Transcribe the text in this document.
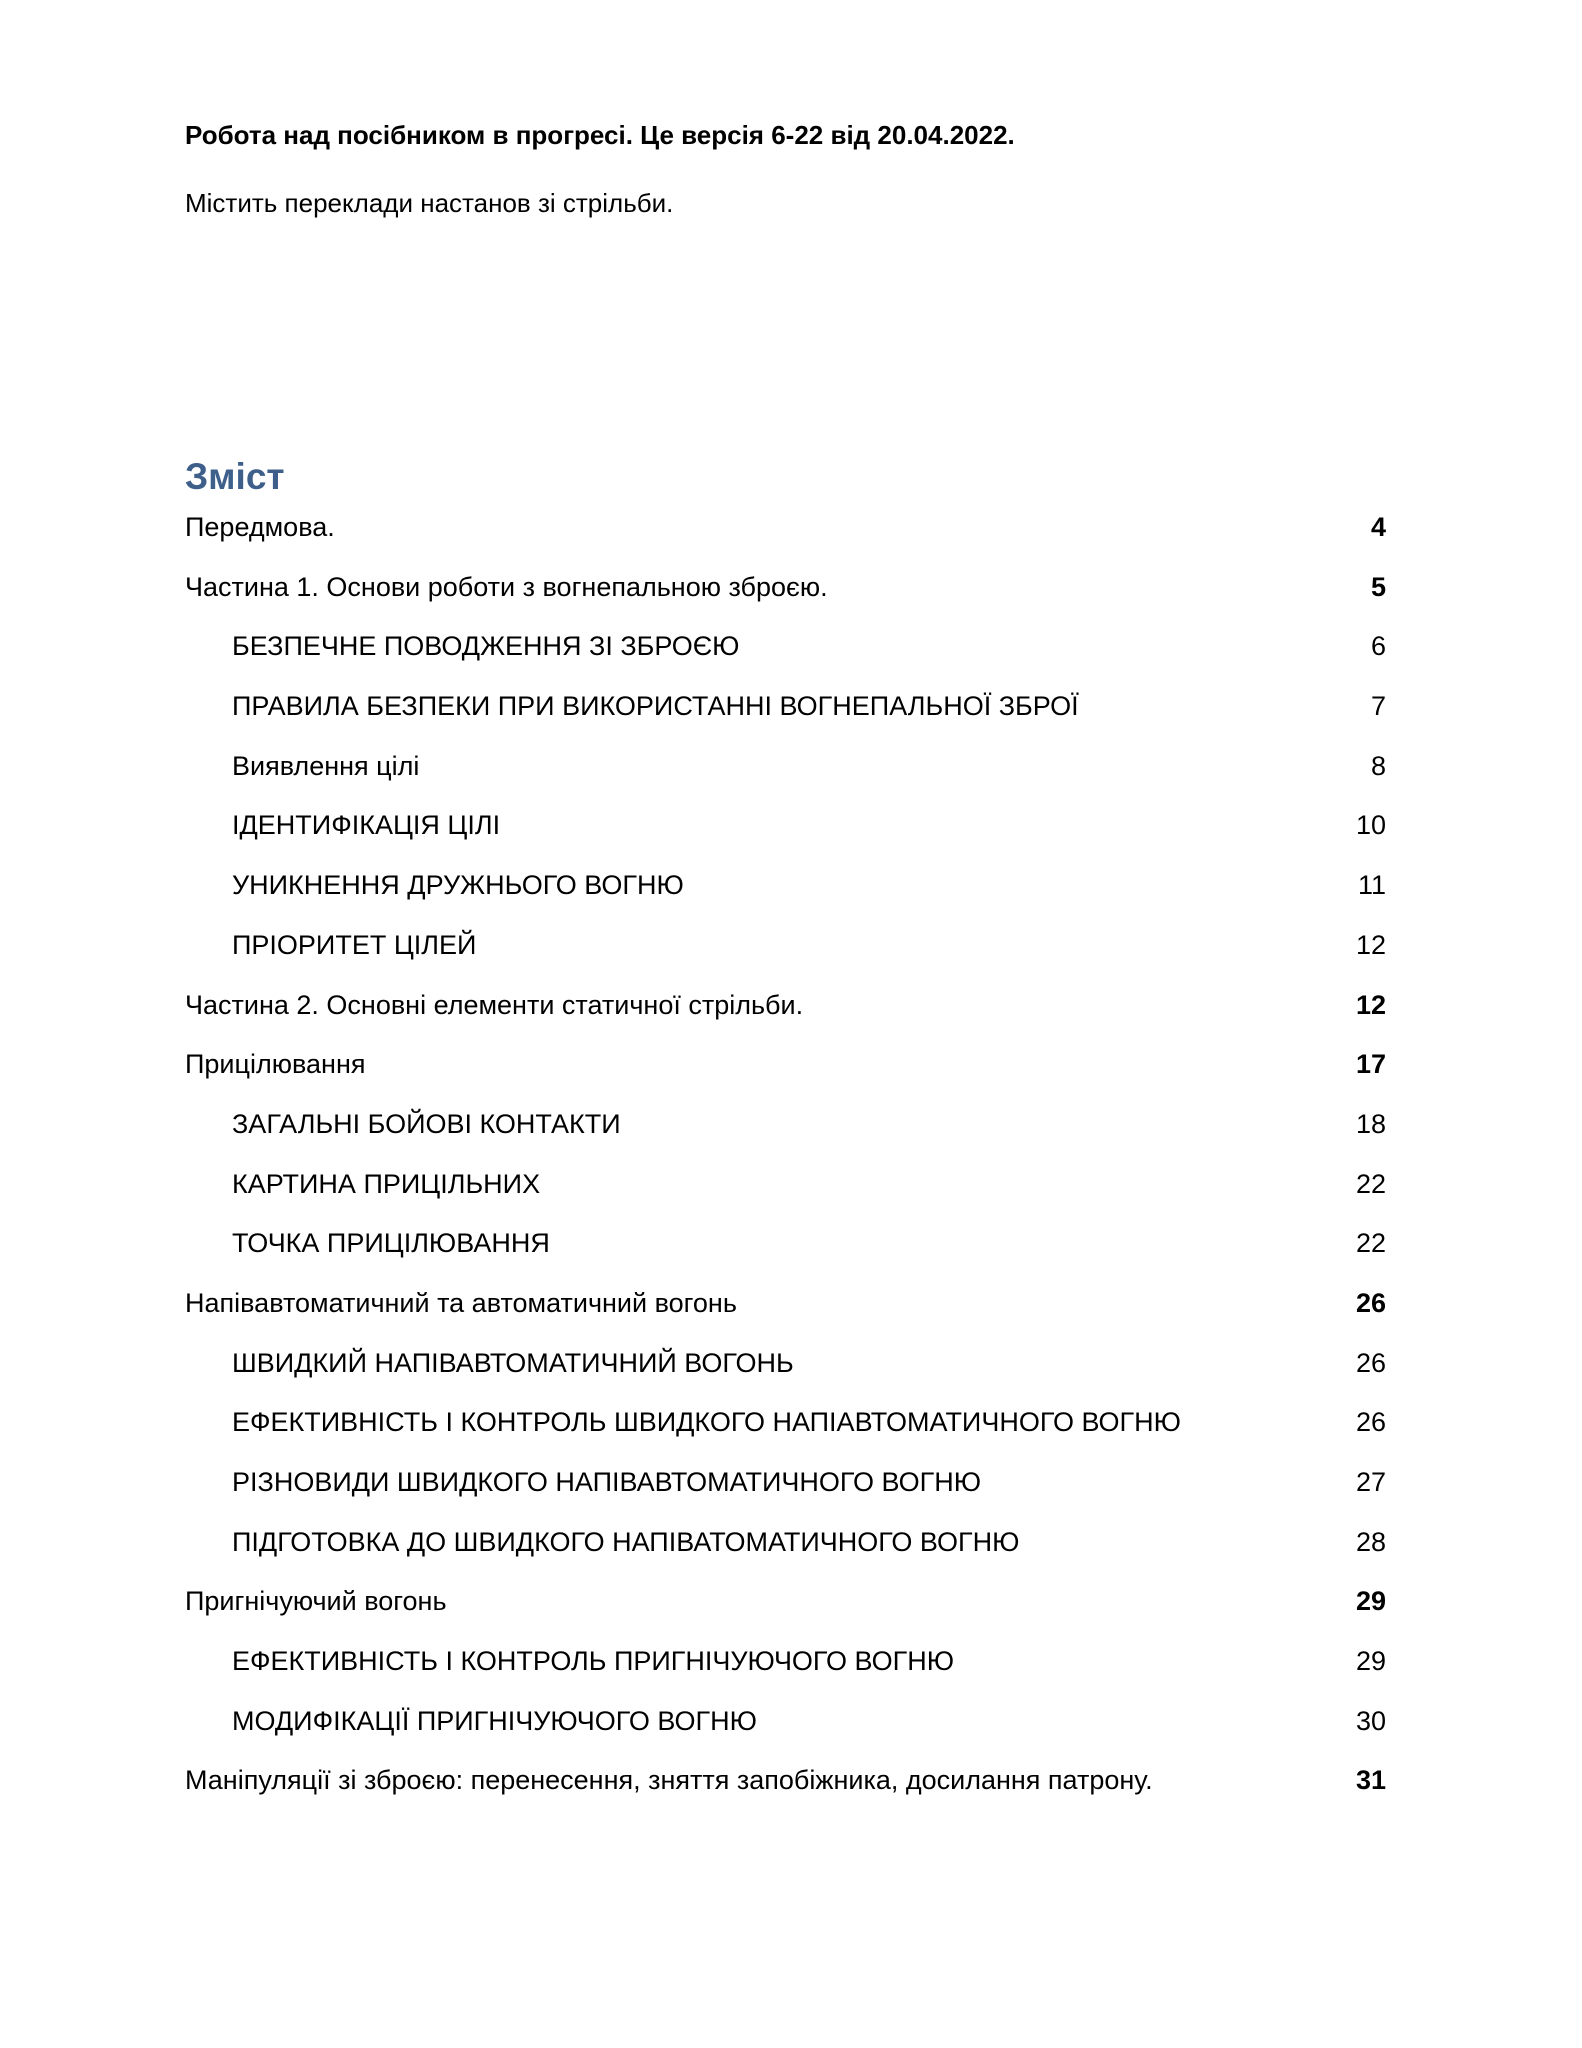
Робота над посібником в прогресі. Це версія 6-22 від 20.04.2022.
Містить переклади настанов зі стрільби.
Зміст
Передмова.	4
Частина 1. Основи роботи з вогнепальною зброєю.	5
БЕЗПЕЧНЕ ПОВОДЖЕННЯ ЗІ ЗБРОЄЮ	6
ПРАВИЛА БЕЗПЕКИ ПРИ ВИКОРИСТАННІ ВОГНЕПАЛЬНОЇ ЗБРОЇ	7
Виявлення цілі	8
ІДЕНТИФІКАЦІЯ ЦІЛІ	10
УНИКНЕННЯ ДРУЖНЬОГО ВОГНЮ	11
ПРІОРИТЕТ ЦІЛЕЙ	12
Частина 2. Основні елементи статичної стрільби.	12
Прицілювання	17
ЗАГАЛЬНІ БОЙОВІ КОНТАКТИ	18
КАРТИНА ПРИЦІЛЬНИХ	22
ТОЧКА ПРИЦІЛЮВАННЯ	22
Напівавтоматичний та автоматичний вогонь	26
ШВИДКИЙ НАПІВАВТОМАТИЧНИЙ ВОГОНЬ	26
ЕФЕКТИВНІСТЬ І КОНТРОЛЬ ШВИДКОГО НАПІАВТОМАТИЧНОГО ВОГНЮ	26
РІЗНОВИДИ ШВИДКОГО НАПІВАВТОМАТИЧНОГО ВОГНЮ	27
ПІДГОТОВКА ДО ШВИДКОГО НАПІВАТОМАТИЧНОГО ВОГНЮ	28
Пригнічуючий вогонь	29
ЕФЕКТИВНІСТЬ І КОНТРОЛЬ ПРИГНІЧУЮЧОГО ВОГНЮ	29
МОДИФІКАЦІЇ ПРИГНІЧУЮЧОГО ВОГНЮ	30
Маніпуляції зі зброєю: перенесення, зняття запобіжника, досилання патрону.	31
